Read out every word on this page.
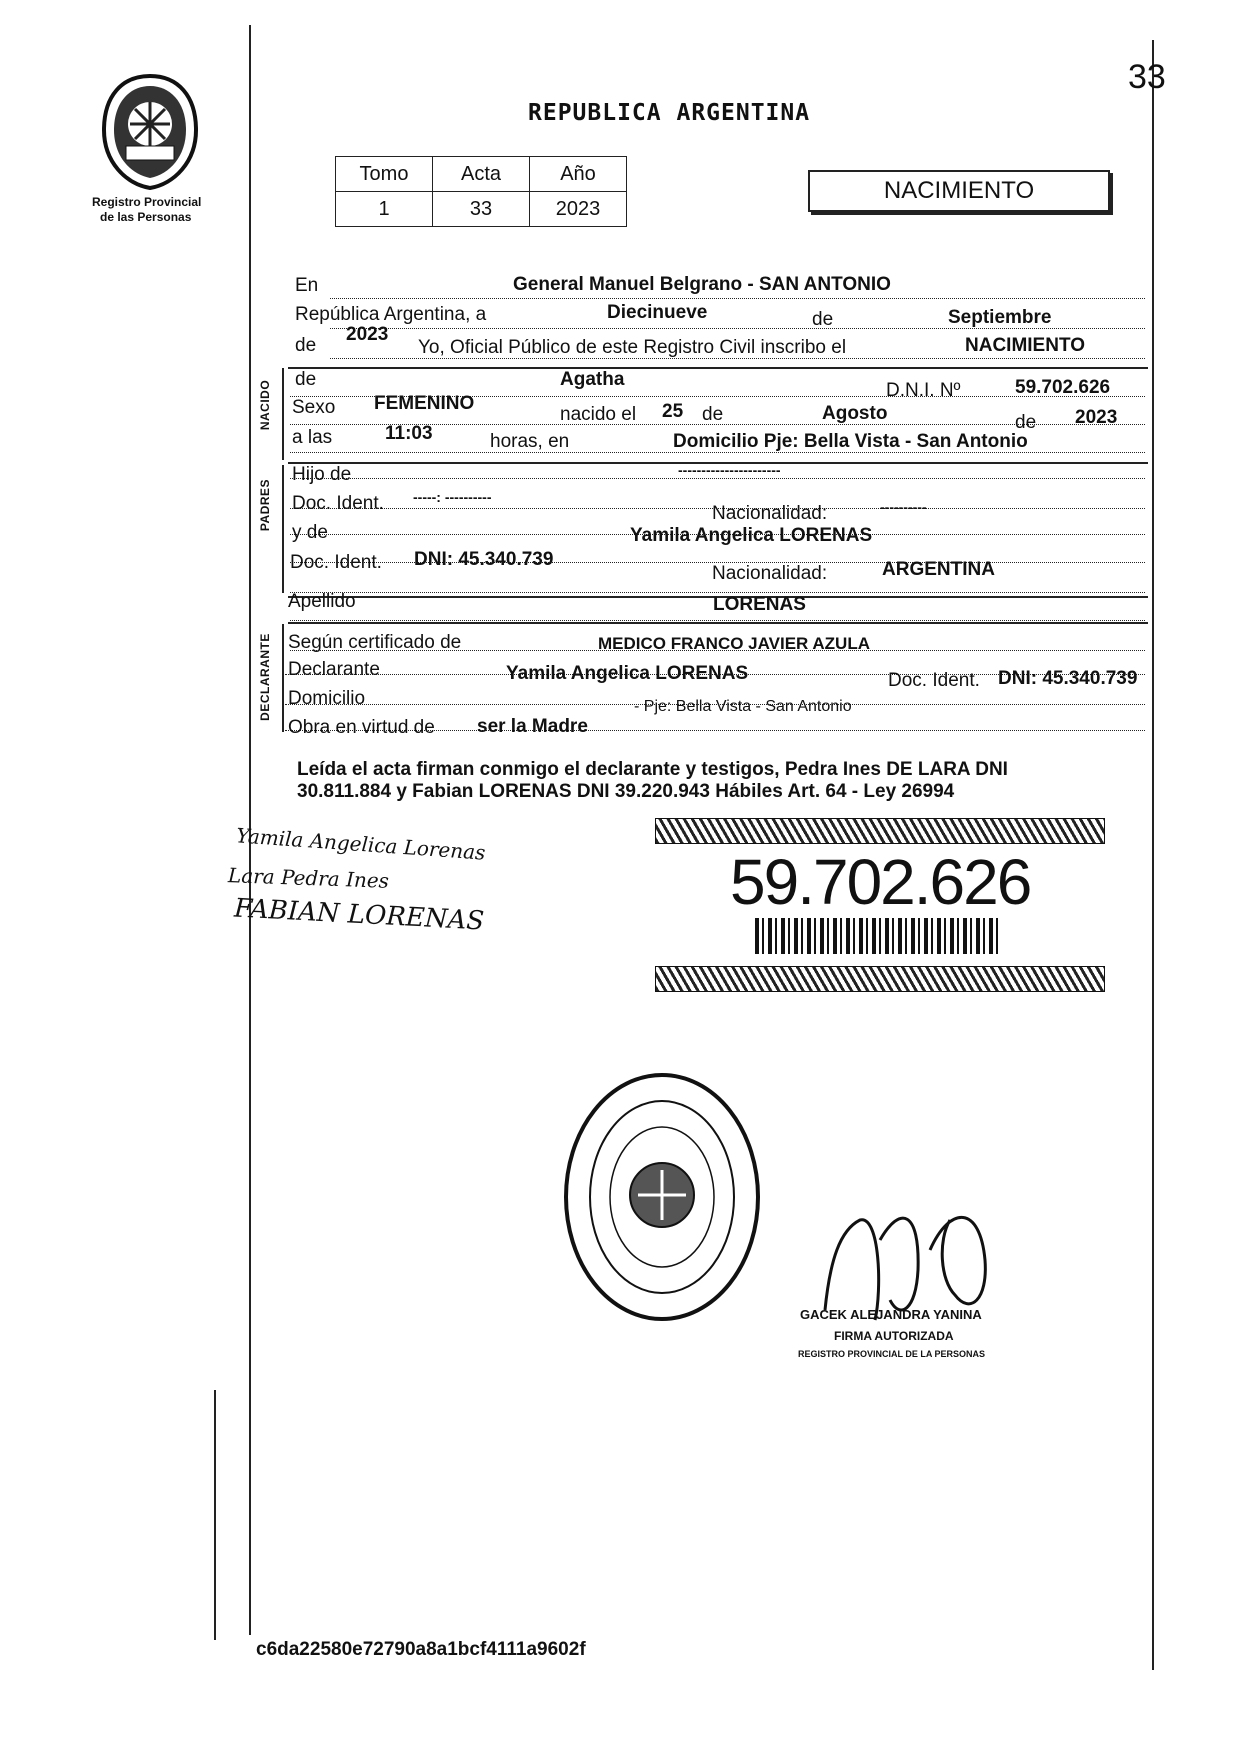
33
Registro Provincial
de las Personas
REPUBLICA ARGENTINA
Tomo	Acta	Año
1	33	2023
NACIMIENTO
NACIDO
PADRES
DECLARANTE
En	General Manuel Belgrano - SAN ANTONIO
República Argentina, a	Diecinueve	de	Septiembre
de
2023
Yo, Oficial Público de este Registro Civil inscribo el	NACIMIENTO
de	Agatha
D.N.I. Nº	59.702.626
Sexo FEMENINO
nacido el 25 de	Agosto	de 2023
a las	11:03	horas, en	Domicilio Pje: Bella Vista - San Antonio
Hijo de	----------------------
Doc. Ident. -----: ----------
Nacionalidad:	----------
y de	Yamila Angelica LORENAS
Doc. Ident. DNI: 45.340.739
Nacionalidad:	ARGENTINA
Apellido	LORENAS
Según certificado de	MEDICO FRANCO JAVIER AZULA
Declarante	Yamila Angelica LORENAS	Doc. Ident. DNI: 45.340.739
Domicilio	- Pje: Bella Vista - San Antonio
Obra en virtud de ser la Madre
Leída el acta firman conmigo el declarante y testigos, Pedra Ines DE LARA DNI
30.811.884 y Fabian LORENAS DNI 39.220.943 Hábiles Art. 64 - Ley 26994
Yamila Angelica Lorenas
Lara Pedra Ines
FABIAN LORENAS	59.702.626
GACEK ALEJANDRA YANINA
FIRMA AUTORIZADA
REGISTRO PROVINCIAL DE LA PERSONAS
c6da22580e72790a8a1bcf4111a9602f
